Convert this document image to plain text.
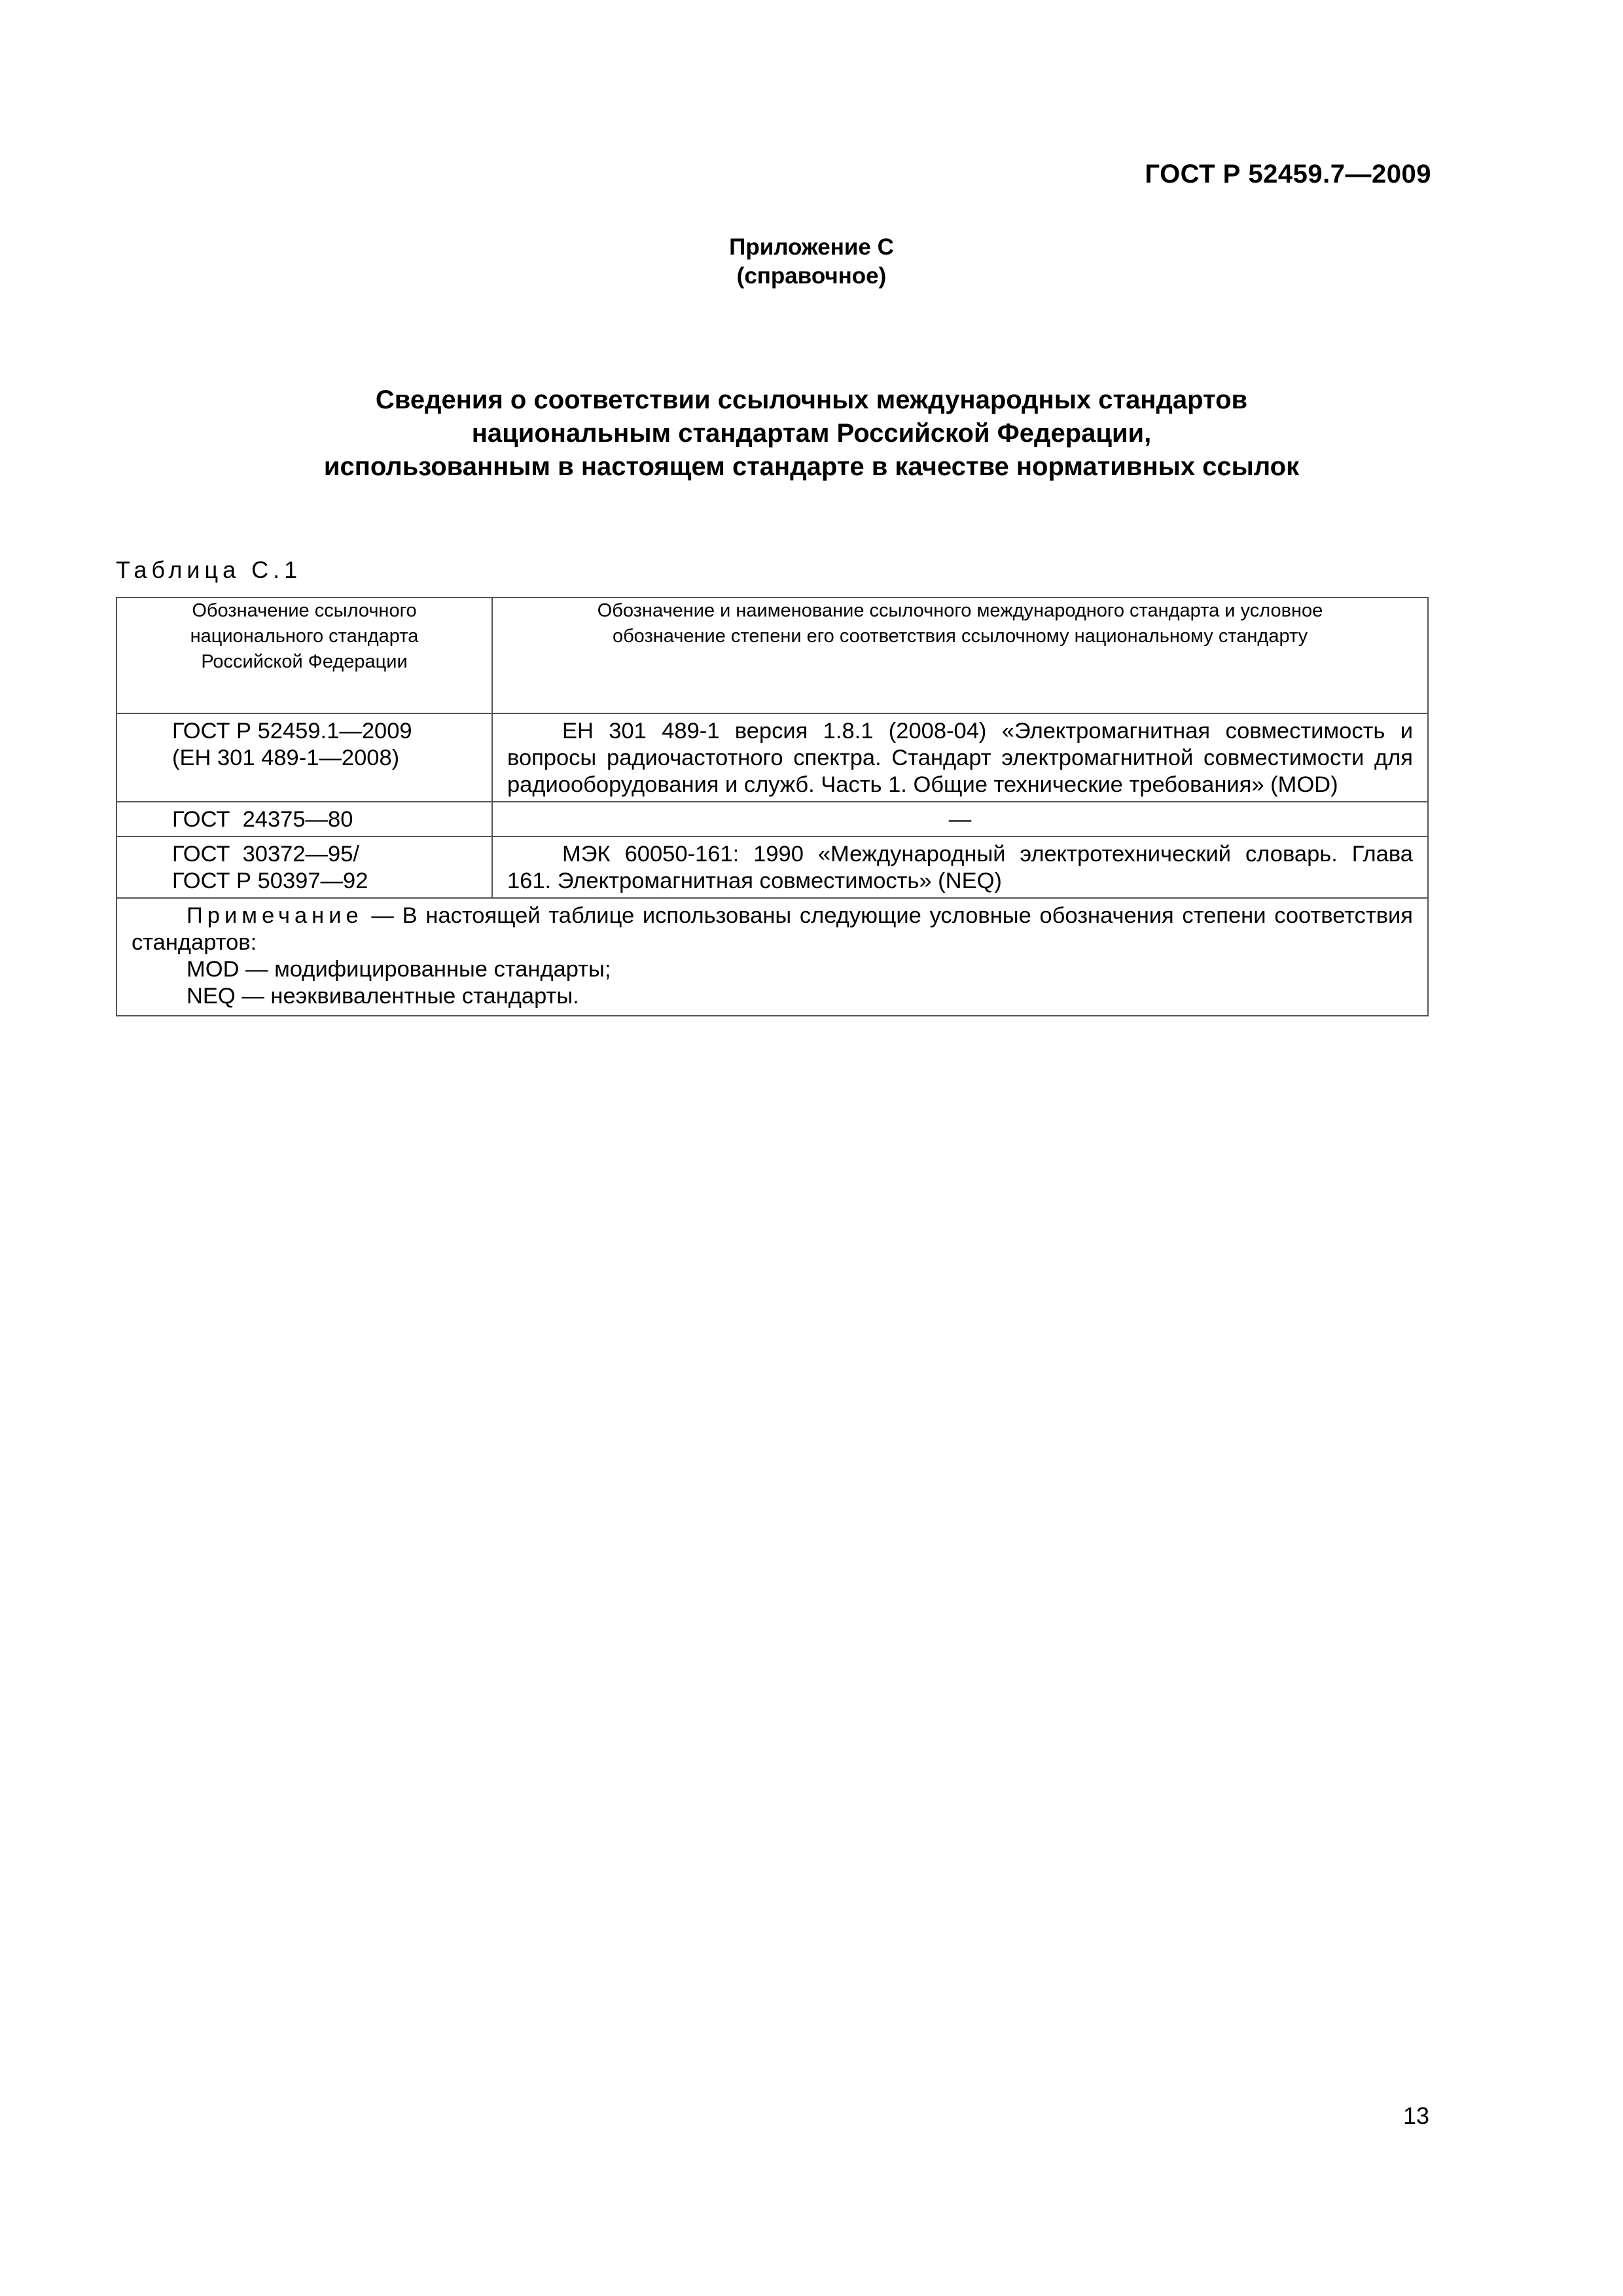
ГОСТ Р 52459.7—2009
Приложение С
(справочное)
Сведения о соответствии ссылочных международных стандартов
национальным стандартам Российской Федерации,
использованным в настоящем стандарте в качестве нормативных ссылок
Таблица С.1
Обозначение ссылочного
национального стандарта
Российской Федерации	Обозначение и наименование ссылочного международного стандарта и условное
обозначение степени его соответствия ссылочному национальному стандарту

ГОСТ Р 52459.1—2009
(ЕН 301 489-1—2008)	ЕН 301 489-1 версия 1.8.1 (2008-04) «Электромагнитная совместимость и вопросы радиочастотного спектра. Стандарт электромагнитной совместимости для радиооборудования и служб. Часть 1. Общие технические требования» (MOD)

ГОСТ  24375—80	—

ГОСТ  30372—95/
ГОСТ Р 50397—92	МЭК 60050-161: 1990 «Международный электротехнический словарь. Глава 161. Электромагнитная совместимость» (NEQ)

Примечание — В настоящей таблице использованы следующие условные обозначения степени соответствия стандартов:
MOD — модифицированные стандарты;
NEQ — неэквивалентные стандарты.	
13
